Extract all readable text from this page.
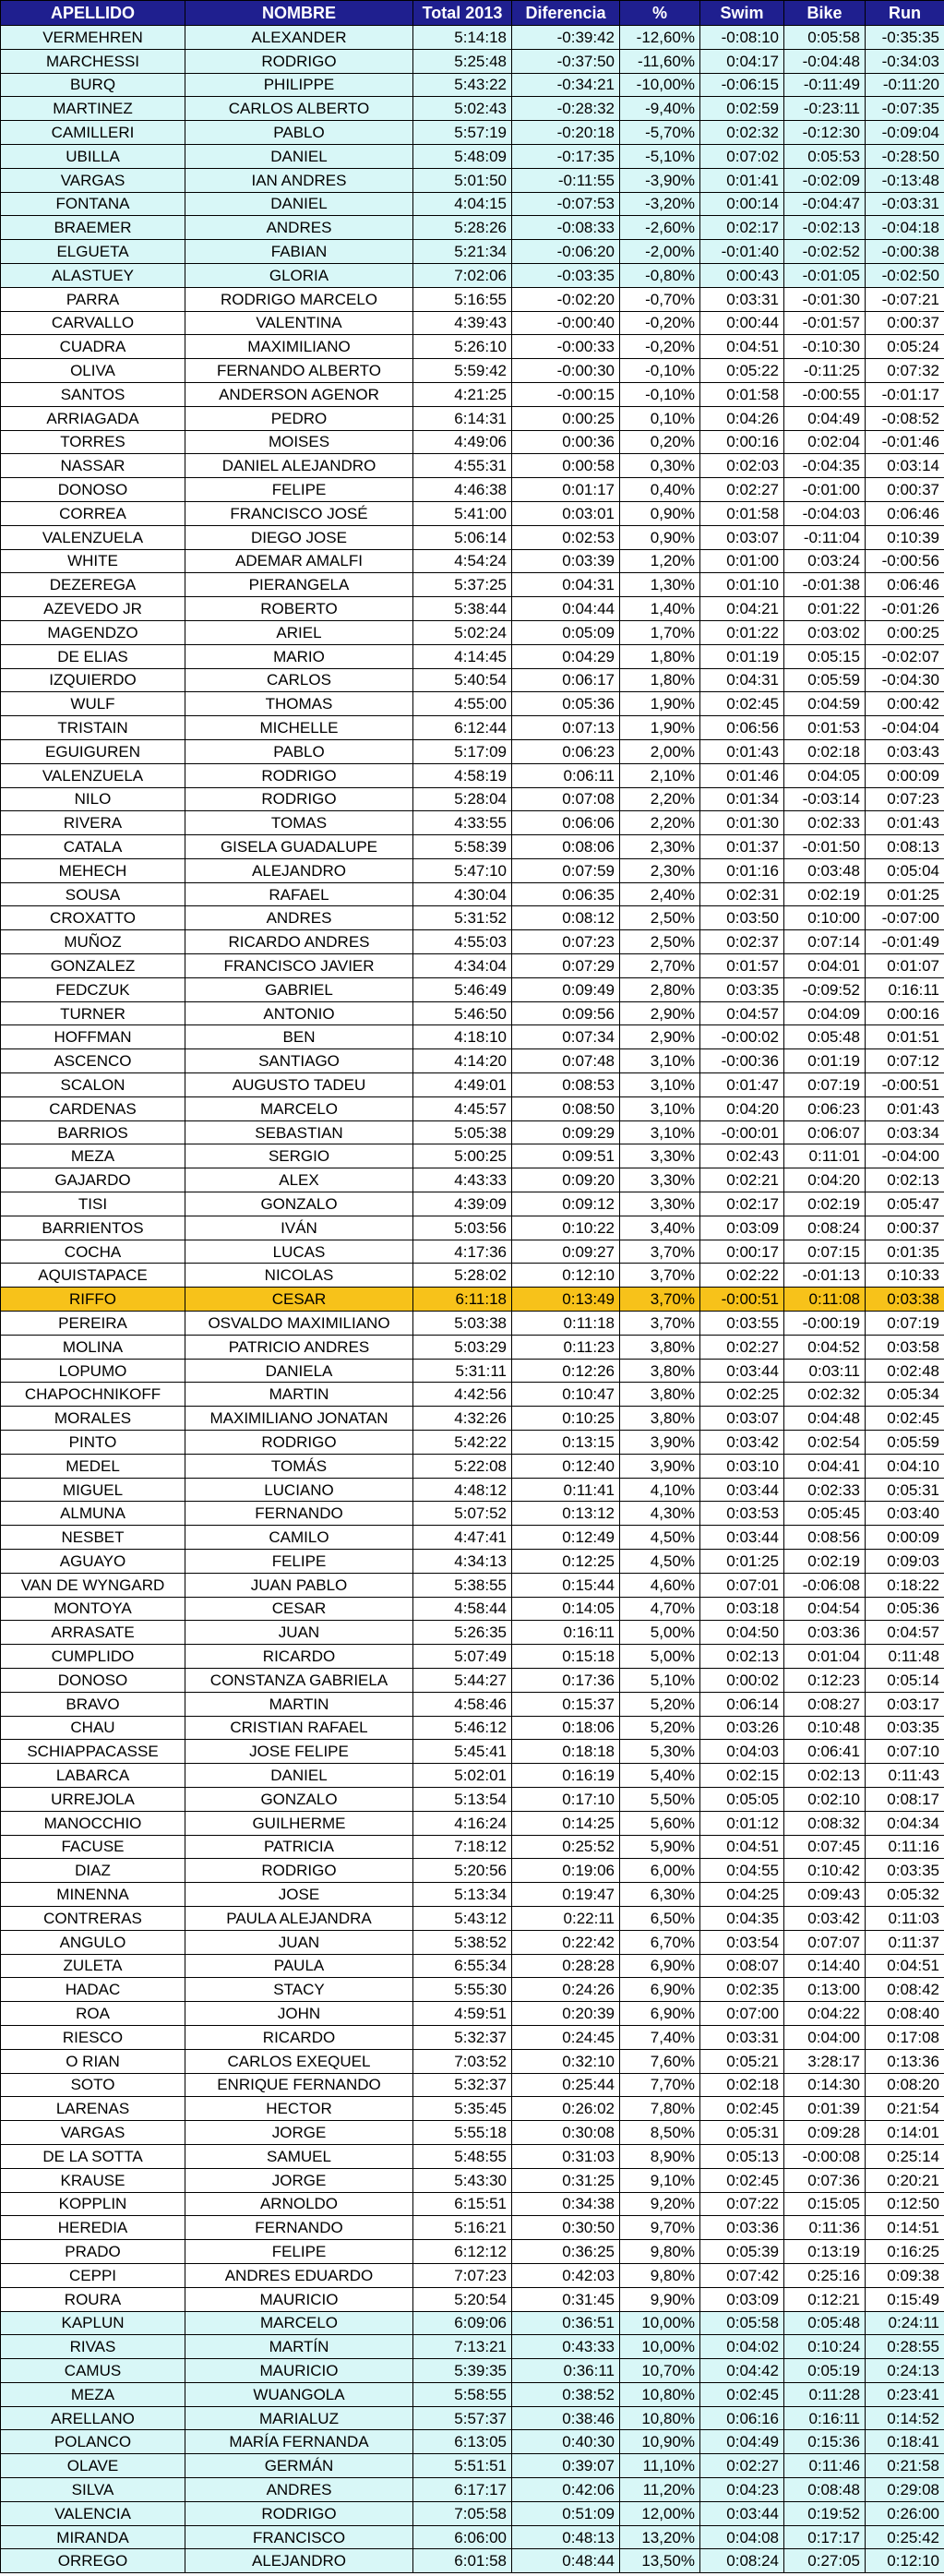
APELLIDO	NOMBRE	Total 2013	Diferencia	%	Swim	Bike	Run
VERMEHREN	ALEXANDER	5:14:18	-0:39:42	-12,60%	-0:08:10	0:05:58	-0:35:35
MARCHESSI	RODRIGO	5:25:48	-0:37:50	-11,60%	0:04:17	-0:04:48	-0:34:03
BURQ	PHILIPPE	5:43:22	-0:34:21	-10,00%	-0:06:15	-0:11:49	-0:11:20
MARTINEZ	CARLOS ALBERTO	5:02:43	-0:28:32	-9,40%	0:02:59	-0:23:11	-0:07:35
CAMILLERI	PABLO	5:57:19	-0:20:18	-5,70%	0:02:32	-0:12:30	-0:09:04
UBILLA	DANIEL	5:48:09	-0:17:35	-5,10%	0:07:02	0:05:53	-0:28:50
VARGAS	IAN ANDRES	5:01:50	-0:11:55	-3,90%	0:01:41	-0:02:09	-0:13:48
FONTANA	DANIEL	4:04:15	-0:07:53	-3,20%	0:00:14	-0:04:47	-0:03:31
BRAEMER	ANDRES	5:28:26	-0:08:33	-2,60%	0:02:17	-0:02:13	-0:04:18
ELGUETA	FABIAN	5:21:34	-0:06:20	-2,00%	-0:01:40	-0:02:52	-0:00:38
ALASTUEY	GLORIA	7:02:06	-0:03:35	-0,80%	0:00:43	-0:01:05	-0:02:50
PARRA	RODRIGO MARCELO	5:16:55	-0:02:20	-0,70%	0:03:31	-0:01:30	-0:07:21
CARVALLO	VALENTINA	4:39:43	-0:00:40	-0,20%	0:00:44	-0:01:57	0:00:37
CUADRA	MAXIMILIANO	5:26:10	-0:00:33	-0,20%	0:04:51	-0:10:30	0:05:24
OLIVA	FERNANDO ALBERTO	5:59:42	-0:00:30	-0,10%	0:05:22	-0:11:25	0:07:32
SANTOS	ANDERSON AGENOR	4:21:25	-0:00:15	-0,10%	0:01:58	-0:00:55	-0:01:17
ARRIAGADA	PEDRO	6:14:31	0:00:25	0,10%	0:04:26	0:04:49	-0:08:52
TORRES	MOISES	4:49:06	0:00:36	0,20%	0:00:16	0:02:04	-0:01:46
NASSAR	DANIEL ALEJANDRO	4:55:31	0:00:58	0,30%	0:02:03	-0:04:35	0:03:14
DONOSO	FELIPE	4:46:38	0:01:17	0,40%	0:02:27	-0:01:00	0:00:37
CORREA	FRANCISCO JOSÉ	5:41:00	0:03:01	0,90%	0:01:58	-0:04:03	0:06:46
VALENZUELA	DIEGO JOSE	5:06:14	0:02:53	0,90%	0:03:07	-0:11:04	0:10:39
WHITE	ADEMAR AMALFI	4:54:24	0:03:39	1,20%	0:01:00	0:03:24	-0:00:56
DEZEREGA	PIERANGELA	5:37:25	0:04:31	1,30%	0:01:10	-0:01:38	0:06:46
AZEVEDO JR	ROBERTO	5:38:44	0:04:44	1,40%	0:04:21	0:01:22	-0:01:26
MAGENDZO	ARIEL	5:02:24	0:05:09	1,70%	0:01:22	0:03:02	0:00:25
DE ELIAS	MARIO	4:14:45	0:04:29	1,80%	0:01:19	0:05:15	-0:02:07
IZQUIERDO	CARLOS	5:40:54	0:06:17	1,80%	0:04:31	0:05:59	-0:04:30
WULF	THOMAS	4:55:00	0:05:36	1,90%	0:02:45	0:04:59	0:00:42
TRISTAIN	MICHELLE	6:12:44	0:07:13	1,90%	0:06:56	0:01:53	-0:04:04
EGUIGUREN	PABLO	5:17:09	0:06:23	2,00%	0:01:43	0:02:18	0:03:43
VALENZUELA	RODRIGO	4:58:19	0:06:11	2,10%	0:01:46	0:04:05	0:00:09
NILO	RODRIGO	5:28:04	0:07:08	2,20%	0:01:34	-0:03:14	0:07:23
RIVERA	TOMAS	4:33:55	0:06:06	2,20%	0:01:30	0:02:33	0:01:43
CATALA	GISELA GUADALUPE	5:58:39	0:08:06	2,30%	0:01:37	-0:01:50	0:08:13
MEHECH	ALEJANDRO	5:47:10	0:07:59	2,30%	0:01:16	0:03:48	0:05:04
SOUSA	RAFAEL	4:30:04	0:06:35	2,40%	0:02:31	0:02:19	0:01:25
CROXATTO	ANDRES	5:31:52	0:08:12	2,50%	0:03:50	0:10:00	-0:07:00
MUÑOZ	RICARDO ANDRES	4:55:03	0:07:23	2,50%	0:02:37	0:07:14	-0:01:49
GONZALEZ	FRANCISCO JAVIER	4:34:04	0:07:29	2,70%	0:01:57	0:04:01	0:01:07
FEDCZUK	GABRIEL	5:46:49	0:09:49	2,80%	0:03:35	-0:09:52	0:16:11
TURNER	ANTONIO	5:46:50	0:09:56	2,90%	0:04:57	0:04:09	0:00:16
HOFFMAN	BEN	4:18:10	0:07:34	2,90%	-0:00:02	0:05:48	0:01:51
ASCENCO	SANTIAGO	4:14:20	0:07:48	3,10%	-0:00:36	0:01:19	0:07:12
SCALON	AUGUSTO TADEU	4:49:01	0:08:53	3,10%	0:01:47	0:07:19	-0:00:51
CARDENAS	MARCELO	4:45:57	0:08:50	3,10%	0:04:20	0:06:23	0:01:43
BARRIOS	SEBASTIAN	5:05:38	0:09:29	3,10%	-0:00:01	0:06:07	0:03:34
MEZA	SERGIO	5:00:25	0:09:51	3,30%	0:02:43	0:11:01	-0:04:00
GAJARDO	ALEX	4:43:33	0:09:20	3,30%	0:02:21	0:04:20	0:02:13
TISI	GONZALO	4:39:09	0:09:12	3,30%	0:02:17	0:02:19	0:05:47
BARRIENTOS	IVÁN	5:03:56	0:10:22	3,40%	0:03:09	0:08:24	0:00:37
COCHA	LUCAS	4:17:36	0:09:27	3,70%	0:00:17	0:07:15	0:01:35
AQUISTAPACE	NICOLAS	5:28:02	0:12:10	3,70%	0:02:22	-0:01:13	0:10:33
RIFFO	CESAR	6:11:18	0:13:49	3,70%	-0:00:51	0:11:08	0:03:38
PEREIRA	OSVALDO MAXIMILIANO	5:03:38	0:11:18	3,70%	0:03:55	-0:00:19	0:07:19
MOLINA	PATRICIO ANDRES	5:03:29	0:11:23	3,80%	0:02:27	0:04:52	0:03:58
LOPUMO	DANIELA	5:31:11	0:12:26	3,80%	0:03:44	0:03:11	0:02:48
CHAPOCHNIKOFF	MARTIN	4:42:56	0:10:47	3,80%	0:02:25	0:02:32	0:05:34
MORALES	MAXIMILIANO JONATAN	4:32:26	0:10:25	3,80%	0:03:07	0:04:48	0:02:45
PINTO	RODRIGO	5:42:22	0:13:15	3,90%	0:03:42	0:02:54	0:05:59
MEDEL	TOMÁS	5:22:08	0:12:40	3,90%	0:03:10	0:04:41	0:04:10
MIGUEL	LUCIANO	4:48:12	0:11:41	4,10%	0:03:44	0:02:33	0:05:31
ALMUNA	FERNANDO	5:07:52	0:13:12	4,30%	0:03:53	0:05:45	0:03:40
NESBET	CAMILO	4:47:41	0:12:49	4,50%	0:03:44	0:08:56	0:00:09
AGUAYO	FELIPE	4:34:13	0:12:25	4,50%	0:01:25	0:02:19	0:09:03
VAN DE WYNGARD	JUAN PABLO	5:38:55	0:15:44	4,60%	0:07:01	-0:06:08	0:18:22
MONTOYA	CESAR	4:58:44	0:14:05	4,70%	0:03:18	0:04:54	0:05:36
ARRASATE	JUAN	5:26:35	0:16:11	5,00%	0:04:50	0:03:36	0:04:57
CUMPLIDO	RICARDO	5:07:49	0:15:18	5,00%	0:02:13	0:01:04	0:11:48
DONOSO	CONSTANZA GABRIELA	5:44:27	0:17:36	5,10%	0:00:02	0:12:23	0:05:14
BRAVO	MARTIN	4:58:46	0:15:37	5,20%	0:06:14	0:08:27	0:03:17
CHAU	CRISTIAN RAFAEL	5:46:12	0:18:06	5,20%	0:03:26	0:10:48	0:03:35
SCHIAPPACASSE	JOSE FELIPE	5:45:41	0:18:18	5,30%	0:04:03	0:06:41	0:07:10
LABARCA	DANIEL	5:02:01	0:16:19	5,40%	0:02:15	0:02:13	0:11:43
URREJOLA	GONZALO	5:13:54	0:17:10	5,50%	0:05:05	0:02:10	0:08:17
MANOCCHIO	GUILHERME	4:16:24	0:14:25	5,60%	0:01:12	0:08:32	0:04:34
FACUSE	PATRICIA	7:18:12	0:25:52	5,90%	0:04:51	0:07:45	0:11:16
DIAZ	RODRIGO	5:20:56	0:19:06	6,00%	0:04:55	0:10:42	0:03:35
MINENNA	JOSE	5:13:34	0:19:47	6,30%	0:04:25	0:09:43	0:05:32
CONTRERAS	PAULA ALEJANDRA	5:43:12	0:22:11	6,50%	0:04:35	0:03:42	0:11:03
ANGULO	JUAN	5:38:52	0:22:42	6,70%	0:03:54	0:07:07	0:11:37
ZULETA	PAULA	6:55:34	0:28:28	6,90%	0:08:07	0:14:40	0:04:51
HADAC	STACY	5:55:30	0:24:26	6,90%	0:02:35	0:13:00	0:08:42
ROA	JOHN	4:59:51	0:20:39	6,90%	0:07:00	0:04:22	0:08:40
RIESCO	RICARDO	5:32:37	0:24:45	7,40%	0:03:31	0:04:00	0:17:08
O RIAN	CARLOS EXEQUEL	7:03:52	0:32:10	7,60%	0:05:21	3:28:17	0:13:36
SOTO	ENRIQUE FERNANDO	5:32:37	0:25:44	7,70%	0:02:18	0:14:30	0:08:20
LARENAS	HECTOR	5:35:45	0:26:02	7,80%	0:02:45	0:01:39	0:21:54
VARGAS	JORGE	5:55:18	0:30:08	8,50%	0:05:31	0:09:28	0:14:01
DE LA SOTTA	SAMUEL	5:48:55	0:31:03	8,90%	0:05:13	-0:00:08	0:25:14
KRAUSE	JORGE	5:43:30	0:31:25	9,10%	0:02:45	0:07:36	0:20:21
KOPPLIN	ARNOLDO	6:15:51	0:34:38	9,20%	0:07:22	0:15:05	0:12:50
HEREDIA	FERNANDO	5:16:21	0:30:50	9,70%	0:03:36	0:11:36	0:14:51
PRADO	FELIPE	6:12:12	0:36:25	9,80%	0:05:39	0:13:19	0:16:25
CEPPI	ANDRES EDUARDO	7:07:23	0:42:03	9,80%	0:07:42	0:25:16	0:09:38
ROURA	MAURICIO	5:20:54	0:31:45	9,90%	0:03:09	0:12:21	0:15:49
KAPLUN	MARCELO	6:09:06	0:36:51	10,00%	0:05:58	0:05:48	0:24:11
RIVAS	MARTÍN	7:13:21	0:43:33	10,00%	0:04:02	0:10:24	0:28:55
CAMUS	MAURICIO	5:39:35	0:36:11	10,70%	0:04:42	0:05:19	0:24:13
MEZA	WUANGOLA	5:58:55	0:38:52	10,80%	0:02:45	0:11:28	0:23:41
ARELLANO	MARIALUZ	5:57:37	0:38:46	10,80%	0:06:16	0:16:11	0:14:52
POLANCO	MARÍA FERNANDA	6:13:05	0:40:30	10,90%	0:04:49	0:15:36	0:18:41
OLAVE	GERMÁN	5:51:51	0:39:07	11,10%	0:02:27	0:11:46	0:21:58
SILVA	ANDRES	6:17:17	0:42:06	11,20%	0:04:23	0:08:48	0:29:08
VALENCIA	RODRIGO	7:05:58	0:51:09	12,00%	0:03:44	0:19:52	0:26:00
MIRANDA	FRANCISCO	6:06:00	0:48:13	13,20%	0:04:08	0:17:17	0:25:42
ORREGO	ALEJANDRO	6:01:58	0:48:44	13,50%	0:08:24	0:27:05	0:12:10
